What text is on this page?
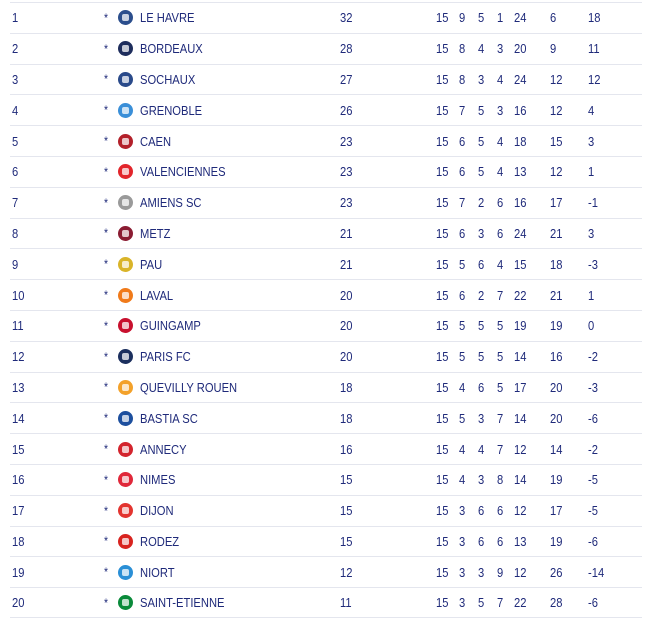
1	* LE HAVRE	32	15 9 5 1 24 6 18
2	* BORDEAUX	28	15 8 4 3 20 9 11
3	* SOCHAUX	27	15 8 3 4 24 12 12
4	* GRENOBLE	26	15 7 5 3 16 12 4
5	* CAEN	23	15 6 5 4 18 15 3
6	* VALENCIENNES	23	15 6 5 4 13 12 1
7	* AMIENS SC	23	15 7 2 6 16 17 -1
8	* METZ	21	15 6 3 6 24 21 3
9	* PAU	21	15 5 6 4 15 18 -3
10	* LAVAL	20	15 6 2 7 22 21 1
11	* GUINGAMP	20	15 5 5 5 19 19 0
12	* PARIS FC	20	15 5 5 5 14 16 -2
13	* QUEVILLY ROUEN	18	15 4 6 5 17 20 -3
14	* BASTIA SC	18	15 5 3 7 14 20 -6
15	* ANNECY	16	15 4 4 7 12 14 -2
16	* NIMES	15	15 4 3 8 14 19 -5
17	* DIJON	15	15 3 6 6 12 17 -5
18	* RODEZ	15	15 3 6 6 13 19 -6
19	* NIORT	12	15 3 3 9 12 26 -14
20	* SAINT-ETIENNE	11	15 3 5 7 22 28 -6
